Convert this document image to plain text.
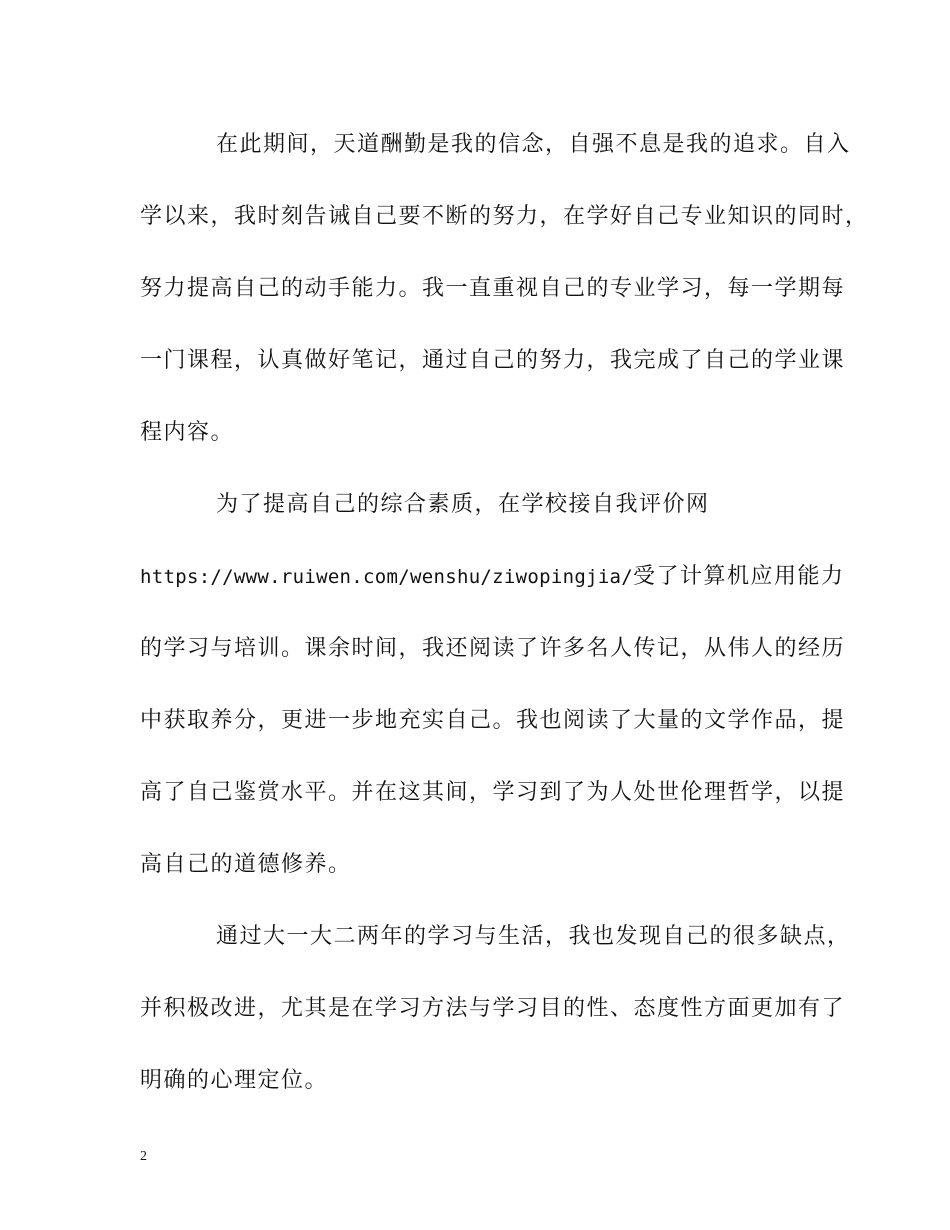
在此期间，天道酬勤是我的信念，自强不息是我的追求。自入
学以来，我时刻告诫自己要不断的努力，在学好自己专业知识的同时，
努力提高自己的动手能力。我一直重视自己的专业学习，每一学期每
一门课程，认真做好笔记，通过自己的努力，我完成了自己的学业课
程内容。
为了提高自己的综合素质，在学校接自我评价网
https://www.ruiwen.com/wenshu/ziwopingjia/受了计算机应用能力
的学习与培训。课余时间，我还阅读了许多名人传记，从伟人的经历
中获取养分，更进一步地充实自己。我也阅读了大量的文学作品，提
高了自己鉴赏水平。并在这其间，学习到了为人处世伦理哲学，以提
高自己的道德修养。
通过大一大二两年的学习与生活，我也发现自己的很多缺点，
并积极改进，尤其是在学习方法与学习目的性、态度性方面更加有了
明确的心理定位。
2
